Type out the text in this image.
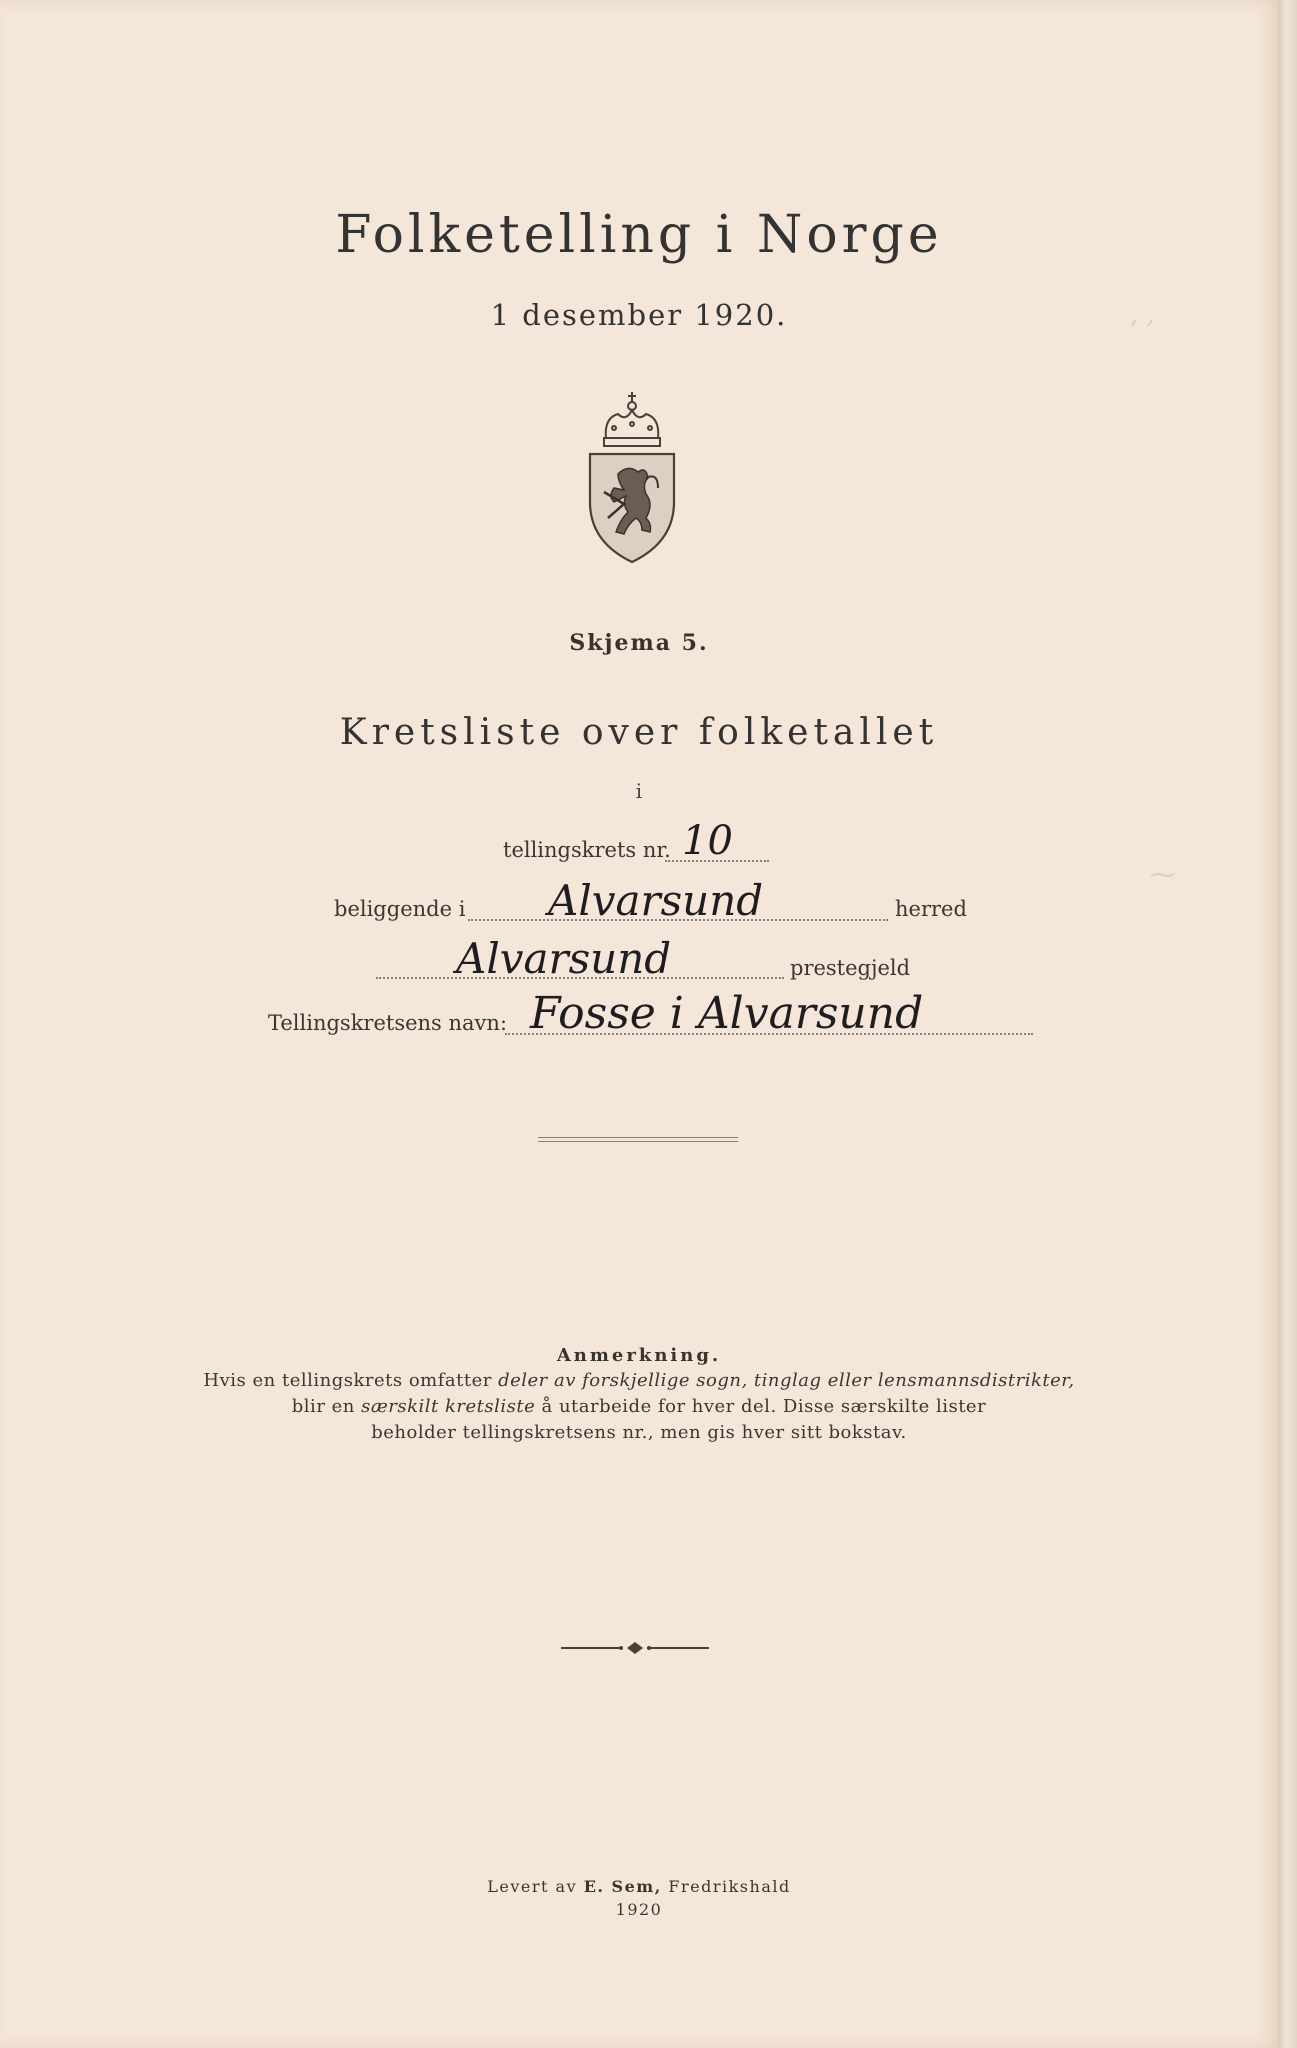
, ,
⁓
Folketelling i Norge
1 desember 1920.
Skjema 5.
Kretsliste over folketallet
i
tellingskrets nr. 10
beliggende i Alvarsund	herred
Alvarsund	prestegjeld
Tellingskretsens navn: Fosse i Alvarsund
Anmerkning.
Hvis en tellingskrets omfatter deler av forskjellige sogn, tinglag eller lensmannsdistrikter,
blir en særskilt kretsliste å utarbeide for hver del. Disse særskilte lister
beholder tellingskretsens nr., men gis hver sitt bokstav.
Levert av E. Sem, Fredrikshald
1920
